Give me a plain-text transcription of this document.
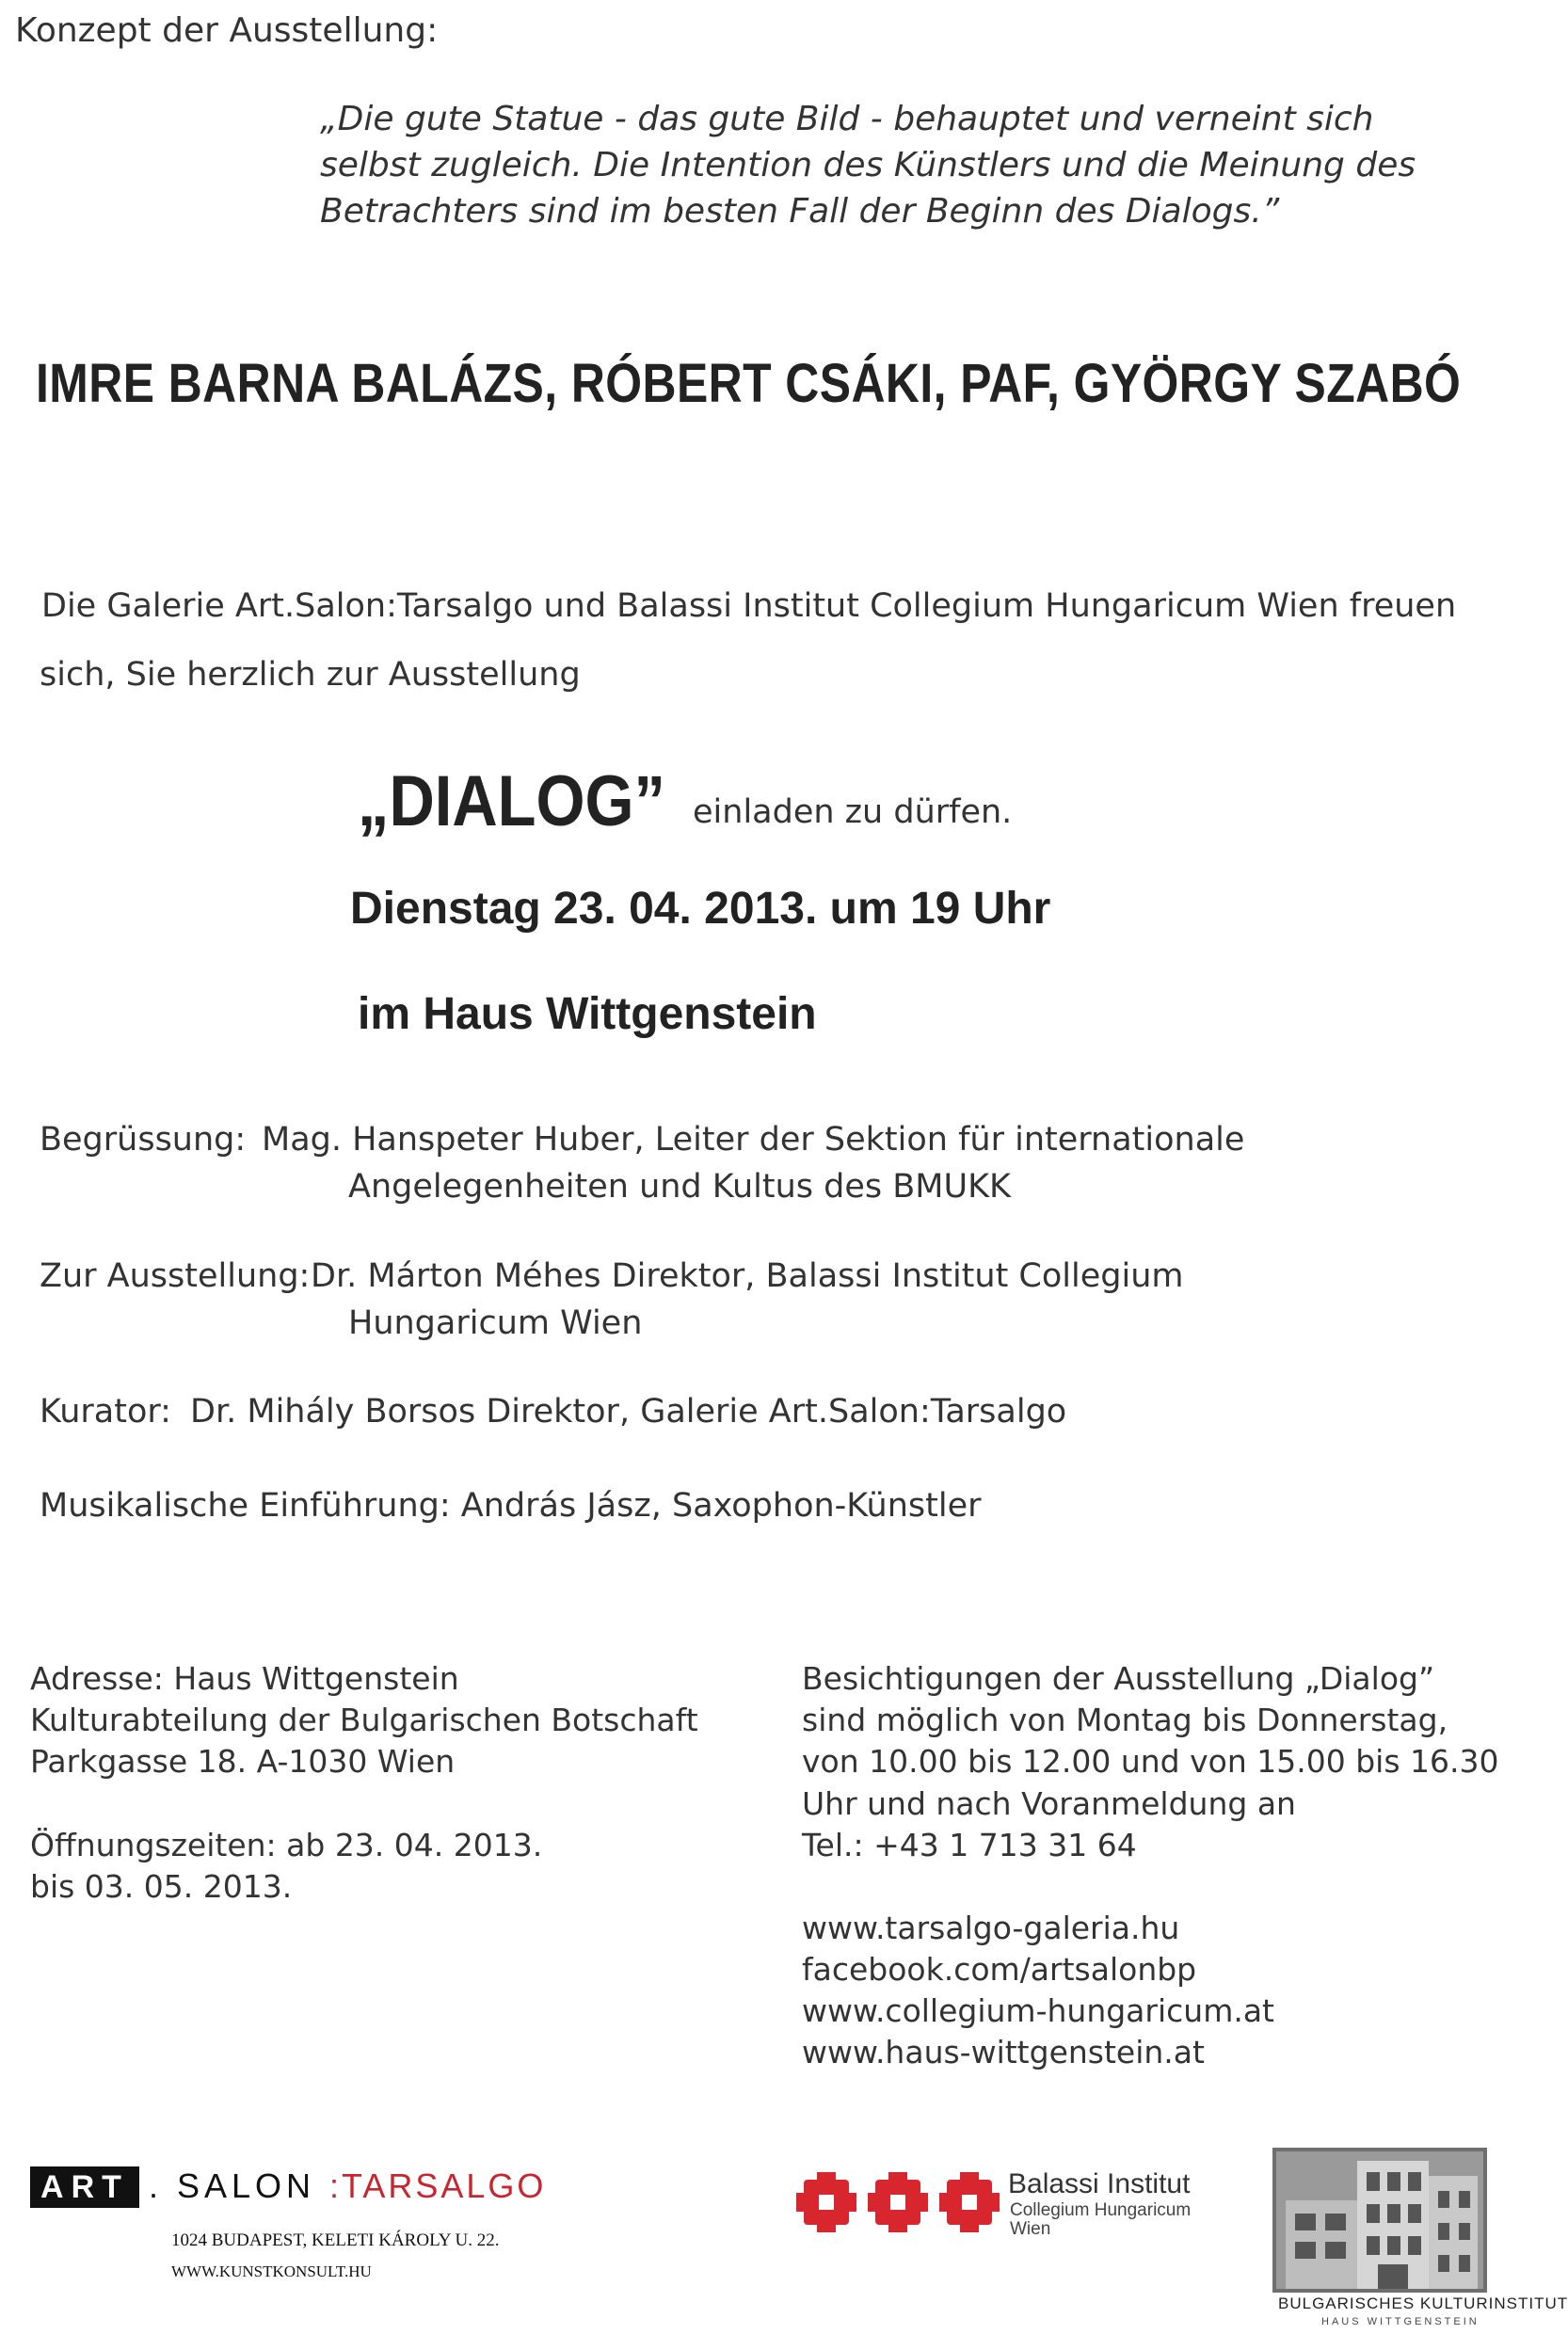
Konzept der Ausstellung:
„Die gute Statue - das gute Bild - behauptet und verneint sich
selbst zugleich. Die Intention des Künstlers und die Meinung des
Betrachters sind im besten Fall der Beginn des Dialogs.”
IMRE BARNA BALÁZS, RÓBERT CSÁKI, PAF, GYÖRGY SZABÓ
Die Galerie Art.Salon:Tarsalgo und Balassi Institut Collegium Hungaricum Wien freuen
sich, Sie herzlich zur Ausstellung
„DIALOG” einladen zu dürfen.
Dienstag 23. 04. 2013. um 19 Uhr
im Haus Wittgenstein
Begrüssung: Mag. Hanspeter Huber, Leiter der Sektion für internationale
Angelegenheiten und Kultus des BMUKK
Zur Ausstellung: Dr. Márton Méhes Direktor, Balassi Institut Collegium
Hungaricum Wien
Kurator: Dr. Mihály Borsos Direktor, Galerie Art.Salon:Tarsalgo
Musikalische Einführung: András Jász, Saxophon-Künstler
Adresse: Haus Wittgenstein
Kulturabteilung der Bulgarischen Botschaft
Parkgasse 18. A-1030 Wien
Öffnungszeiten: ab 23. 04. 2013.
bis 03. 05. 2013.
Besichtigungen der Ausstellung „Dialog”
sind möglich von Montag bis Donnerstag,
von 10.00 bis 12.00 und von 15.00 bis 16.30
Uhr und nach Voranmeldung an
Tel.: +43 1 713 31 64
www.tarsalgo-galeria.hu
facebook.com/artsalonbp
www.collegium-hungaricum.at
www.haus-wittgenstein.at
ART . SALON :TARSALGO
1024 BUDAPEST, KELETI KÁROLY U. 22.
WWW.KUNSTKONSULT.HU
Balassi Institut
Collegium Hungaricum
Wien
BULGARISCHES KULTURINSTITUT
HAUS WITTGENSTEIN
